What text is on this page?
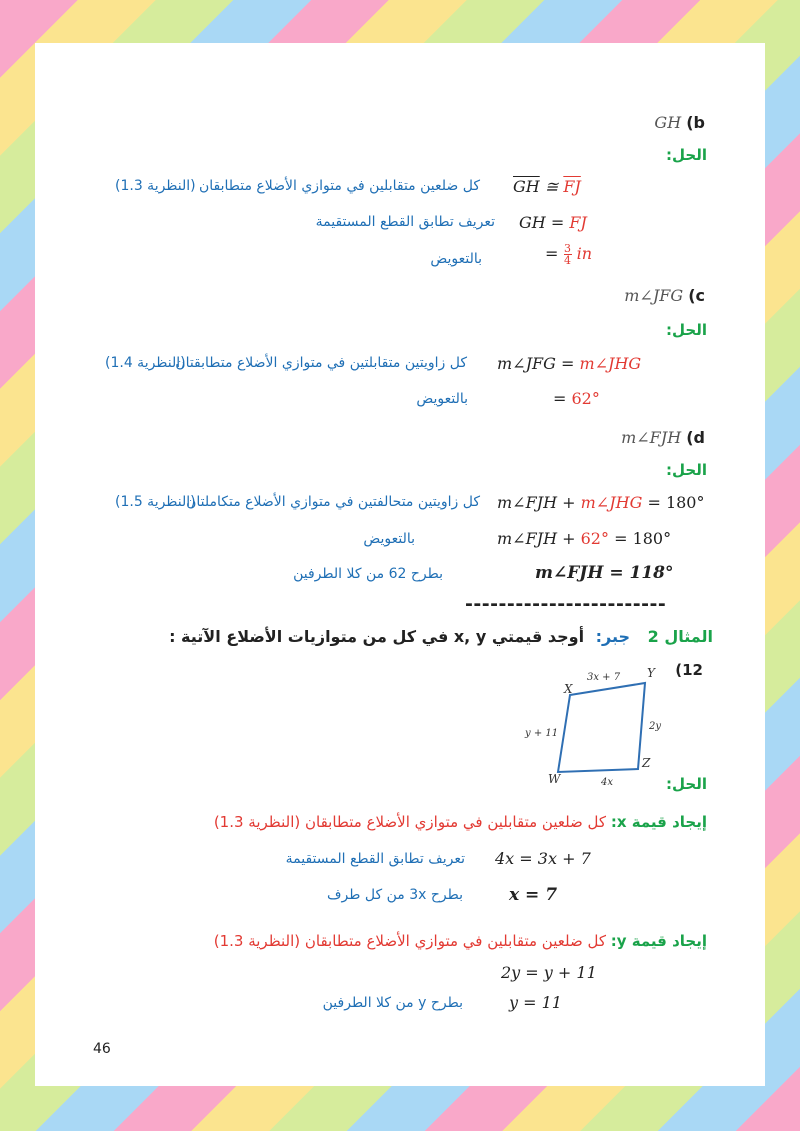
GH (b
الحل:
$\overline{GH}$ ≅ $\overline{FJ}$
كل ضلعين متقابلين في متوازي الأضلاع متطابقان
(النظرية 1.3)
GH = FJ
تعريف تطابق القطع المستقيمة
= $\frac{3}{4}$ in
بالتعويض
m∠JFG (c
الحل:
m∠JFG = m∠JHG
كل زاويتين متقابلتين في متوازي الأضلاع متطابقتان
(النظرية 1.4)
= 62°
بالتعويض
m∠FJH (d
الحل:
m∠FJH + m∠JHG = 180°
كل زاويتين متحالفتين في متوازي الأضلاع متكاملتان
(النظرية 1.5)
m∠FJH + 62° = 180°
بالتعويض
m∠FJH = 118°
بطرح 62 من كلا الطرفين
------------------------
المثال 2 جبر: أوجد قيمتي x, y في كل من متوازيات الأضلاع الآتية :
(12
X
Y
Z
W
3x + 7
2y
4x
y + 11
الحل:
إيجاد قيمة x: كل ضلعين متقابلين في متوازي الأضلاع متطابقان (النظرية 1.3)
4x = 3x + 7
تعريف تطابق القطع المستقيمة
x = 7
بطرح 3x من كل طرف
إيجاد قيمة y: كل ضلعين متقابلين في متوازي الأضلاع متطابقان (النظرية 1.3)
2y = y + 11
y = 11
بطرح y من كلا الطرفين
46
